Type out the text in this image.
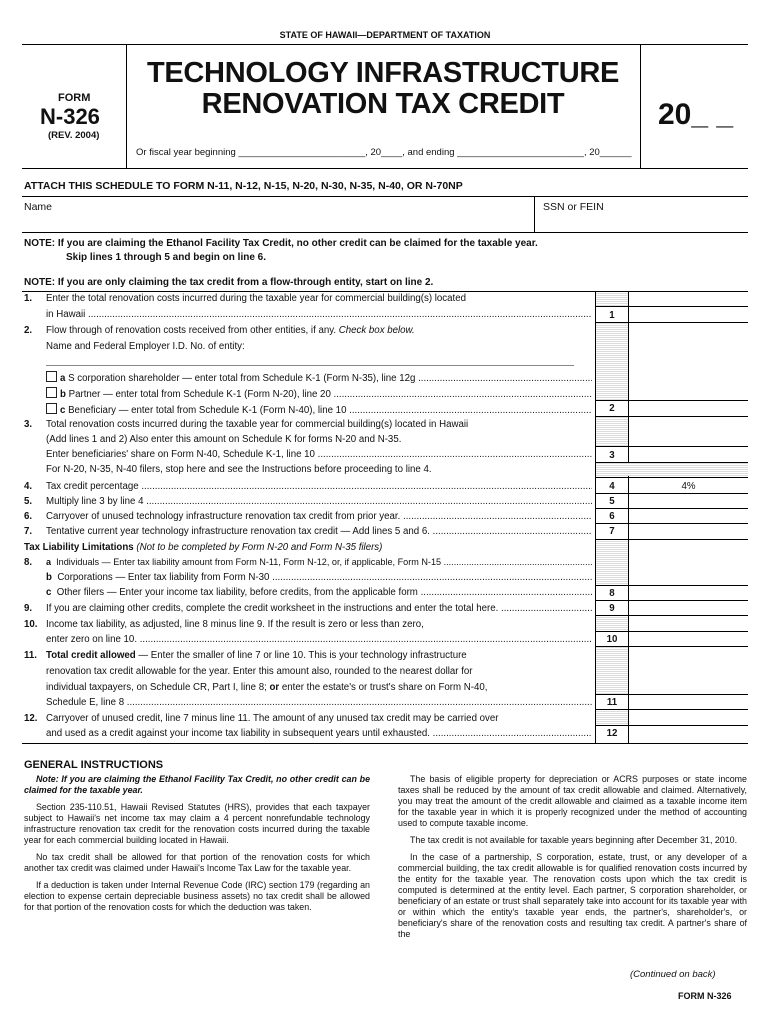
STATE OF HAWAII—DEPARTMENT OF TAXATION
FORM
N-326
(REV. 2004)
TECHNOLOGY INFRASTRUCTURE
RENOVATION TAX CREDIT	20_ _
Or fiscal year beginning ________________________, 20____, and ending ________________________, 20______
ATTACH THIS SCHEDULE TO FORM N-11, N-12, N-15, N-20, N-30, N-35, N-40, OR N-70NP
Name	SSN or FEIN
NOTE: If you are claiming the Ethanol Facility Tax Credit, no other credit can be claimed for the taxable year.
Skip lines 1 through 5 and begin on line 6.
NOTE: If you are only claiming the tax credit from a flow-through entity, start on line 2.
1. Enter the total renovation costs incurred during the taxable year for commercial building(s) located
in Hawaii .....
2. Flow through of renovation costs received from other entities, if any. Check box below.
Name and Federal Employer I.D. No. of entity:
a S corporation shareholder — enter total from Schedule K-1 (Form N-35), line 12g .....
b Partner — enter total from Schedule K-1 (Form N-20), line 20 .....
c Beneficiary — enter total from Schedule K-1 (Form N-40), line 10 .....
3. Total renovation costs incurred during the taxable year for commercial building(s) located in Hawaii
(Add lines 1 and 2) Also enter this amount on Schedule K for forms N-20 and N-35.
Enter beneficiaries' share on Form N-40, Schedule K-1, line 10 .....
For N-20, N-35, N-40 filers, stop here and see the Instructions before proceeding to line 4.
4. Tax credit percentage .....
5. Multiply line 3 by line 4 .....
6. Carryover of unused technology infrastructure renovation tax credit from prior year. .....
7. Tentative current year technology infrastructure renovation tax credit — Add lines 5 and 6. .....
Tax Liability Limitations (Not to be completed by Form N-20 and Form N-35 filers)
8. a Individuals — Enter tax liability amount from Form N-11, Form N-12, or, if applicable, Form N-15 .....
b Corporations — Enter tax liability from Form N-30 .....
c Other filers — Enter your income tax liability, before credits, from the applicable form .....
9. If you are claiming other credits, complete the credit worksheet in the instructions and enter the total here. .....
10. Income tax liability, as adjusted, line 8 minus line 9. If the result is zero or less than zero,
enter zero on line 10. .....
11. Total credit allowed — Enter the smaller of line 7 or line 10. This is your technology infrastructure
renovation tax credit allowable for the year. Enter this amount also, rounded to the nearest dollar for
individual taxpayers, on Schedule CR, Part I, line 8; or enter the estate's or trust's share on Form N-40,
Schedule E, line 8 .....
12. Carryover of unused credit, line 7 minus line 11. The amount of any unused tax credit may be carried over
and used as a credit against your income tax liability in subsequent years until exhausted. .....
1
2
3
4
5
6
7
8
9
10
11
12
4%
GENERAL INSTRUCTIONS

Note: If you are claiming the Ethanol Facility Tax Credit, no other credit can be claimed for the taxable year.

Section 235-110.51, Hawaii Revised Statutes (HRS), provides that each taxpayer subject to Hawaii's net income tax may claim a 4 percent nonrefundable technology infrastructure renovation tax credit for the renovation costs incurred during the taxable year for each commercial building located in Hawaii.

No tax credit shall be allowed for that portion of the renovation costs for which another tax credit was claimed under Hawaii's Income Tax Law for the taxable year.

If a deduction is taken under Internal Revenue Code (IRC) section 179 (regarding an election to expense certain depreciable business assets) no tax credit shall be allowed for that portion of the renovation costs for which the deduction was taken.

The basis of eligible property for depreciation or ACRS purposes or state income taxes shall be reduced by the amount of tax credit allowable and claimed. Alternatively, you may treat the amount of the credit allowable and claimed as a taxable income item for the taxable year in which it is properly recognized under the method of accounting used to compute taxable income.

The tax credit is not available for taxable years beginning after December 31, 2010.

In the case of a partnership, S corporation, estate, trust, or any developer of a commercial building, the tax credit allowable is for qualified renovation costs incurred by the entity for the taxable year. The renovation costs upon which the tax credit is computed is determined at the entity level. Each partner, S corporation shareholder, or beneficiary of an estate or trust shall separately take into account for its taxable year with or within which the entity's taxable year ends, the partner's, shareholder's, or beneficiary's share of the renovation costs and resulting tax credit. A partner's share of the

(Continued on back)
FORM N-326
